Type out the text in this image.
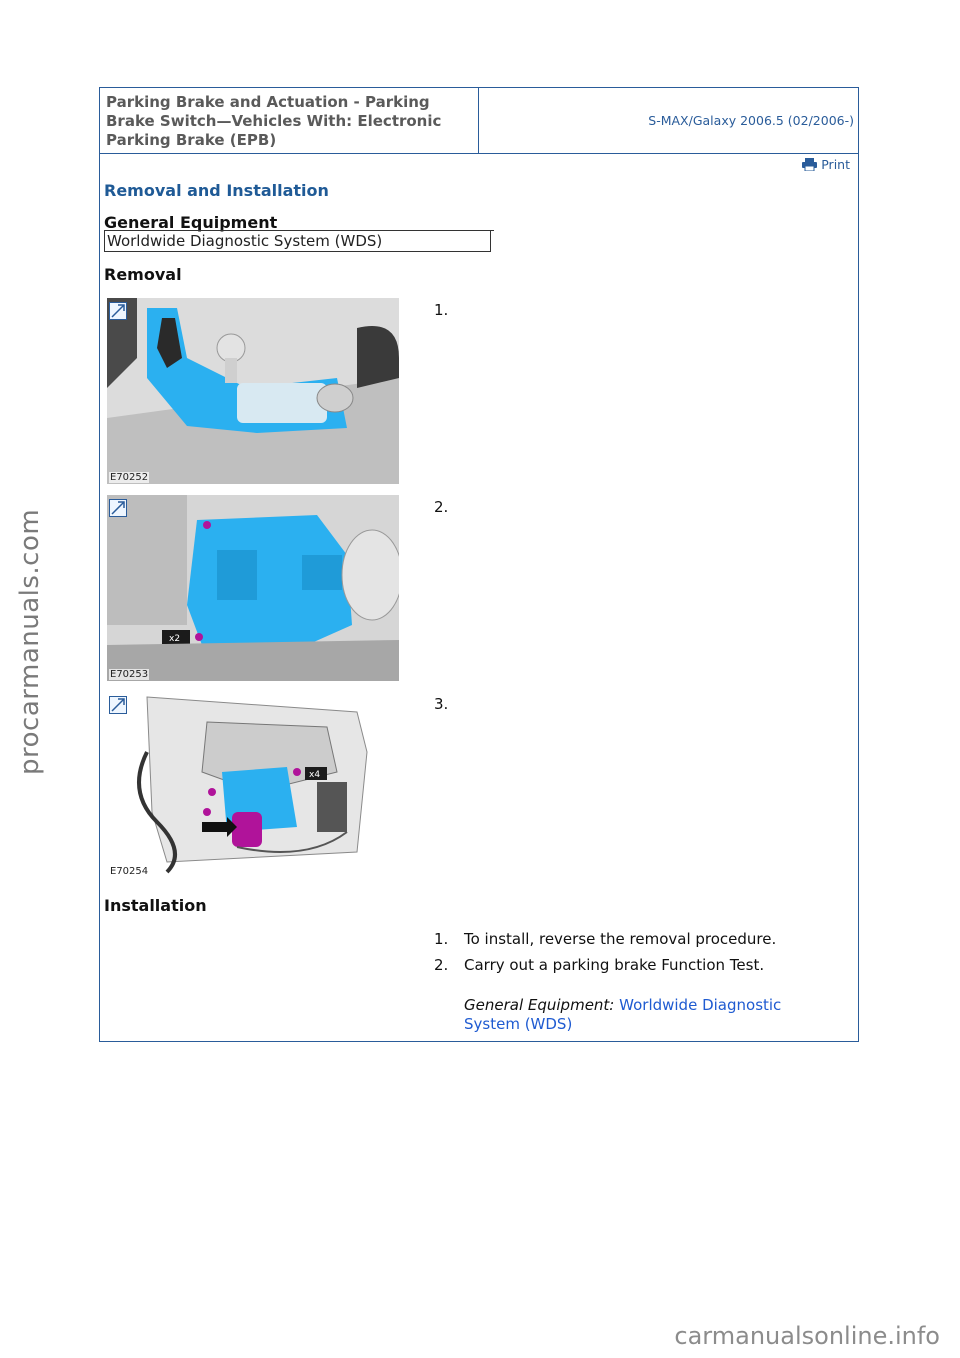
Parking Brake and Actuation - Parking
Brake Switch—Vehicles With: Electronic
Parking Brake (EPB)
S-MAX/Galaxy 2006.5 (02/2006-)
Print
Removal and Installation
General Equipment
Worldwide Diagnostic System (WDS)
Removal
E70252
1.
x2
E70253
2.
x4
E70254
3.
Installation
1.	To install, reverse the removal procedure.
2.	Carry out a parking brake Function Test.
General Equipment: Worldwide Diagnostic
System (WDS)
procarmanuals.com
carmanualsonline.info
